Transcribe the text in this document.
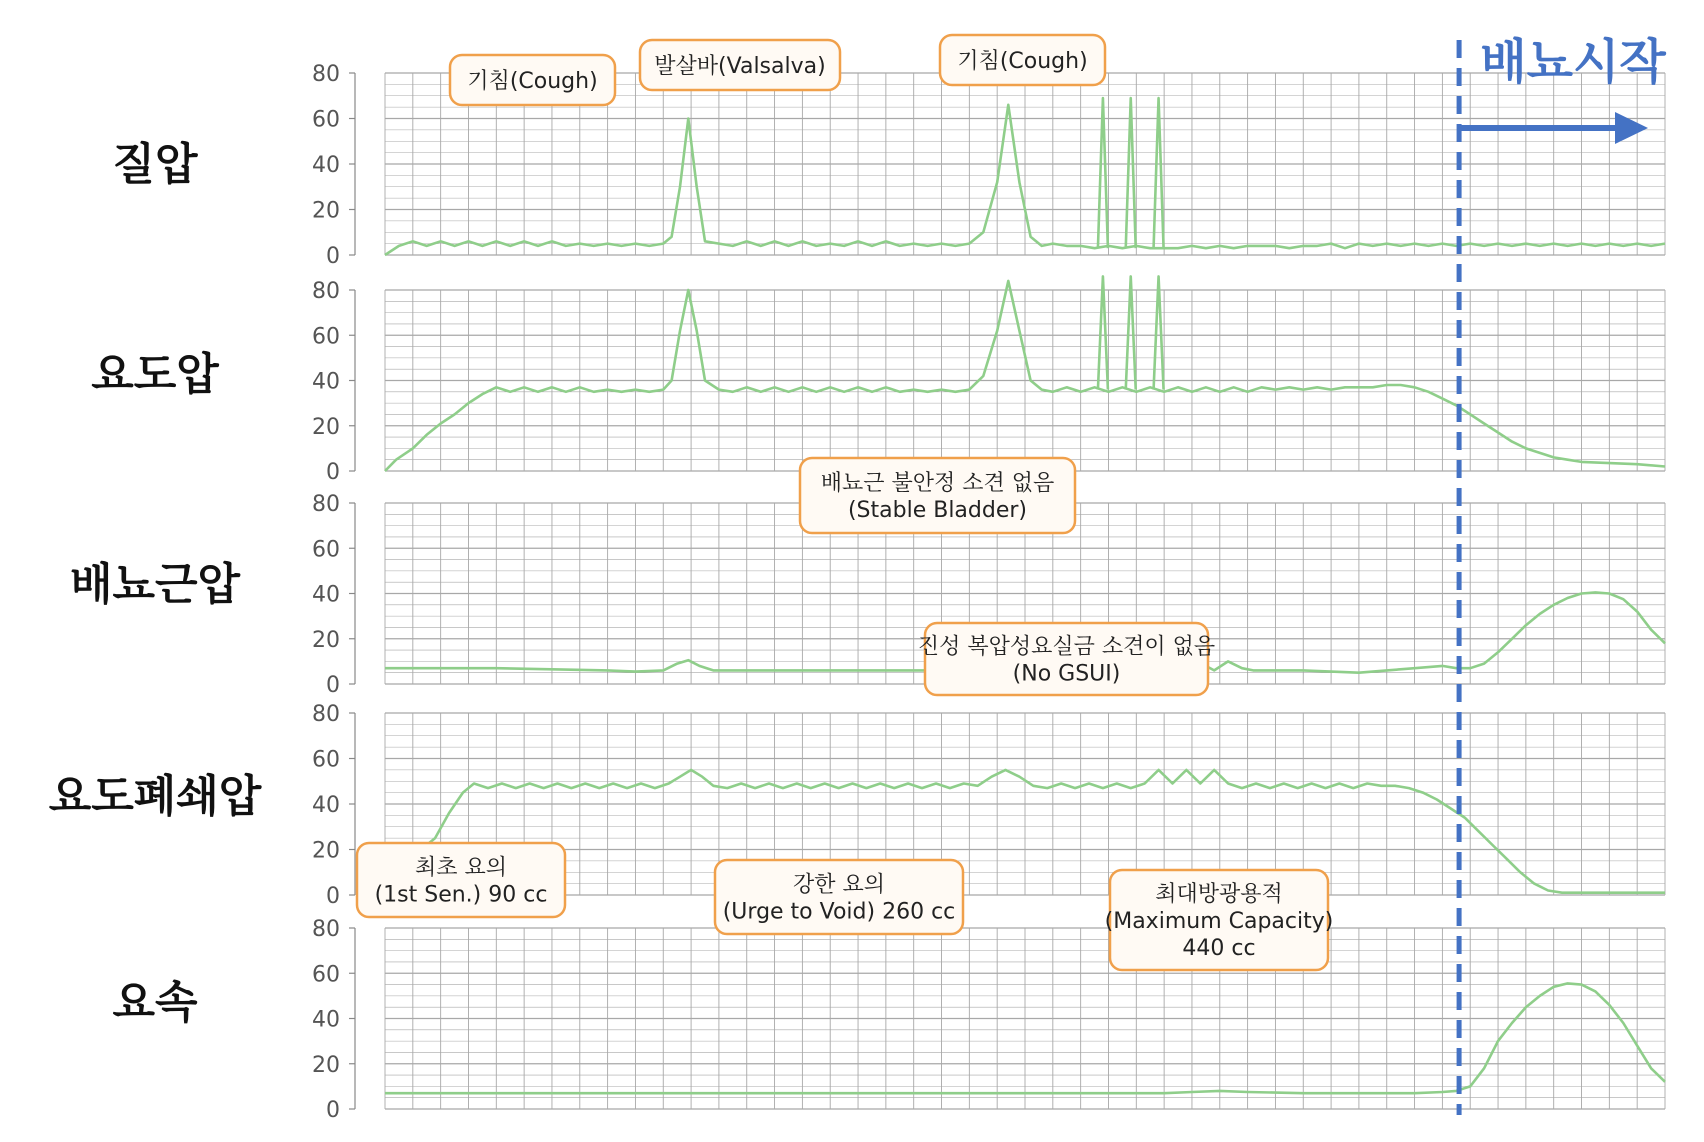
0
20
40
60
80
0
20
40
60
80
0
20
40
60
80
0
20
40
60
80
0
20
40
60
80
기침(Cough)
발살바(Valsalva)	기침(Cough)
배뇨근 불안정 소견 없음
(Stable Bladder)
진성 복압성요실금 소견이 없음
(No GSUI)
최초 요의
(1st Sen.) 90 cc	강한 요의
(Urge to Void) 260 cc
최대방광용적
(Maximum Capacity)
440 cc
배뇨시작
질압
요도압
배뇨근압
요도폐쇄압
요속
